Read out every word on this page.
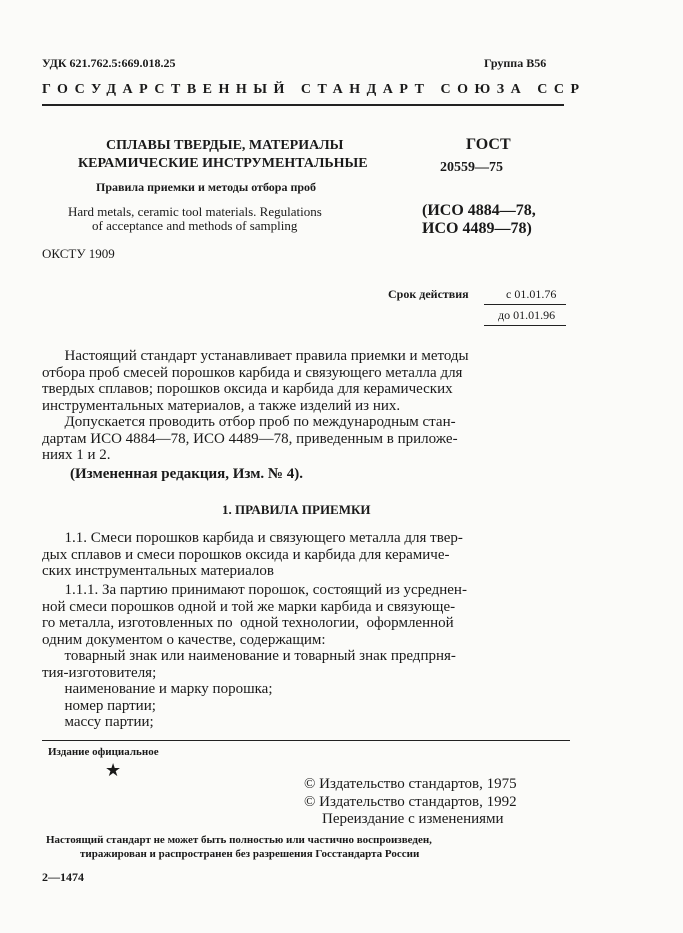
УДК 621.762.5:669.018.25	Группа В56
ГОСУДАРСТВЕННЫЙ СТАНДАРТ СОЮЗА ССР
СПЛАВЫ ТВЕРДЫЕ, МАТЕРИАЛЫ
КЕРАМИЧЕСКИЕ ИНСТРУМЕНТАЛЬНЫЕ
Правила приемки и методы отбора проб
Hard metals, ceramic tool materials. Regulations
of acceptance and methods of sampling
ОКСТУ 1909
ГОСТ
20559—75
(ИСО 4884—78,
ИСО 4489—78)
Срок действия	с 01.01.76
до 01.01.96
Настоящий стандарт устанавливает правила приемки и методы
отбора проб смесей порошков карбида и связующего металла для
твердых сплавов; порошков оксида и карбида для керамических
инструментальных материалов, а также изделий из них.
Допускается проводить отбор проб по международным стан-
дартам ИСО 4884—78, ИСО 4489—78, приведенным в приложе-
ниях 1 и 2.
(Измененная редакция, Изм. № 4).
1. ПРАВИЛА ПРИЕМКИ
1.1. Смеси порошков карбида и связующего металла для твер-
дых сплавов и смеси порошков оксида и карбида для керамиче-
ских инструментальных материалов
1.1.1. За партию принимают порошок, состоящий из усреднен-
ной смеси порошков одной и той же марки карбида и связующе-
го металла, изготовленных по  одной технологии,  оформленной
одним документом о качестве, содержащим:
товарный знак или наименование и товарный знак предпрня-
тия-изготовителя;
наименование и марку порошка;
номер партии;
массу партии;
Издание официальное
★
© Издательство стандартов, 1975
© Издательство стандартов, 1992
Переиздание с изменениями
Настоящий стандарт не может быть полностью или частично воспроизведен,
тиражирован и распространен без разрешения Госстандарта России
2—1474
